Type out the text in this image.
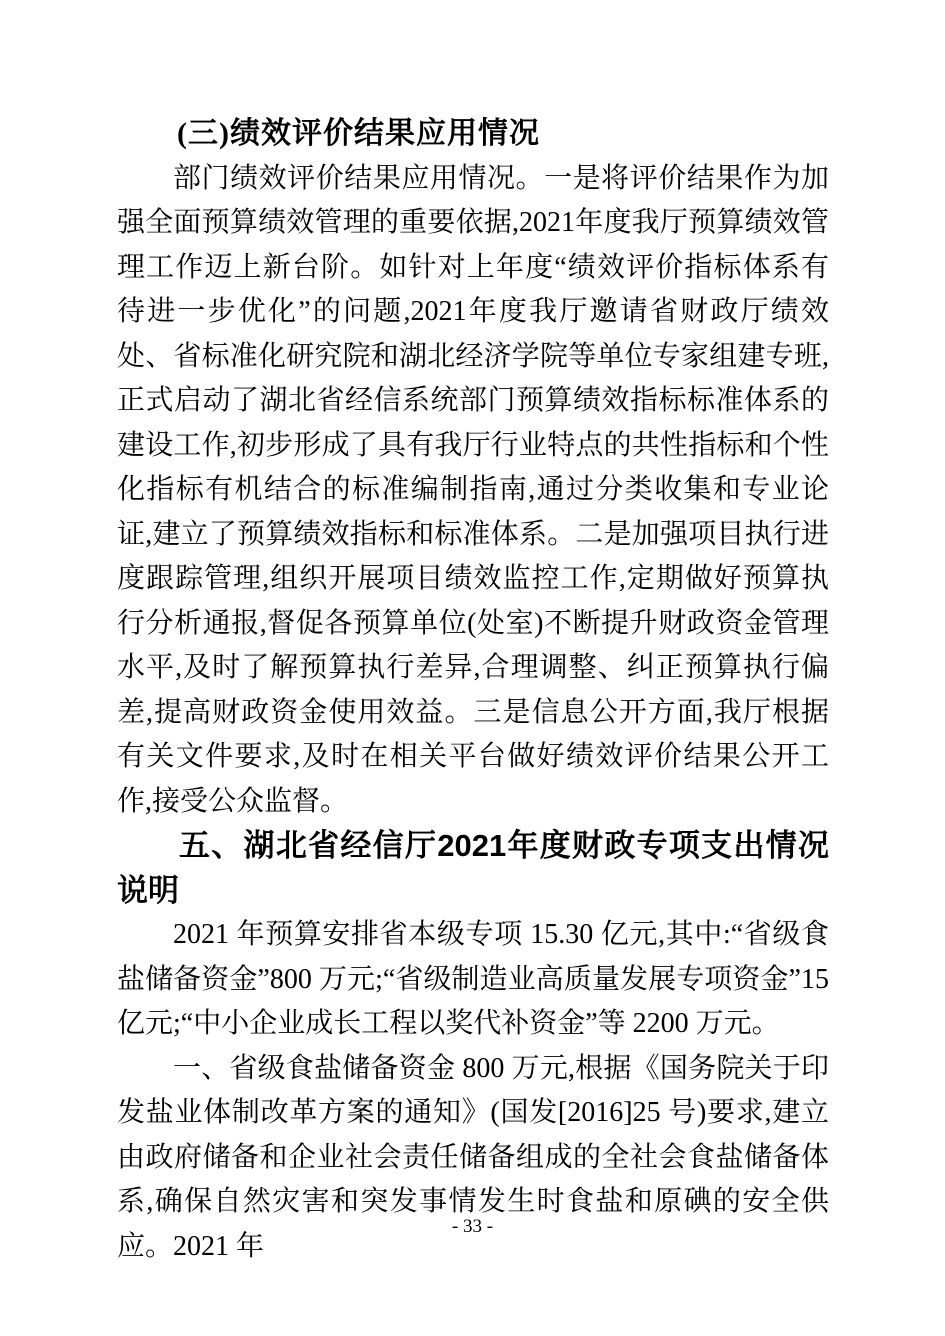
(三)绩效评价结果应用情况

部门绩效评价结果应用情况。一是将评价结果作为加强全面预算绩效管理的重要依据,2021年度我厅预算绩效管理工作迈上新台阶。如针对上年度“绩效评价指标体系有待进一步优化”的问题,2021年度我厅邀请省财政厅绩效处、省标准化研究院和湖北经济学院等单位专家组建专班,正式启动了湖北省经信系统部门预算绩效指标标准体系的建设工作,初步形成了具有我厅行业特点的共性指标和个性化指标有机结合的标准编制指南,通过分类收集和专业论证,建立了预算绩效指标和标准体系。二是加强项目执行进度跟踪管理,组织开展项目绩效监控工作,定期做好预算执行分析通报,督促各预算单位(处室)不断提升财政资金管理水平,及时了解预算执行差异,合理调整、纠正预算执行偏差,提高财政资金使用效益。三是信息公开方面,我厅根据有关文件要求,及时在相关平台做好绩效评价结果公开工作,接受公众监督。

五、湖北省经信厅2021年度财政专项支出情况说明

2021 年预算安排省本级专项 15.30 亿元,其中:“省级食盐储备资金”800 万元;“省级制造业高质量发展专项资金”15 亿元;“中小企业成长工程以奖代补资金”等 2200 万元。

一、省级食盐储备资金 800 万元,根据《国务院关于印发盐业体制改革方案的通知》(国发[2016]25 号)要求,建立由政府储备和企业社会责任储备组成的全社会食盐储备体系,确保自然灾害和突发事情发生时食盐和原碘的安全供应。2021 年

- 33 -
